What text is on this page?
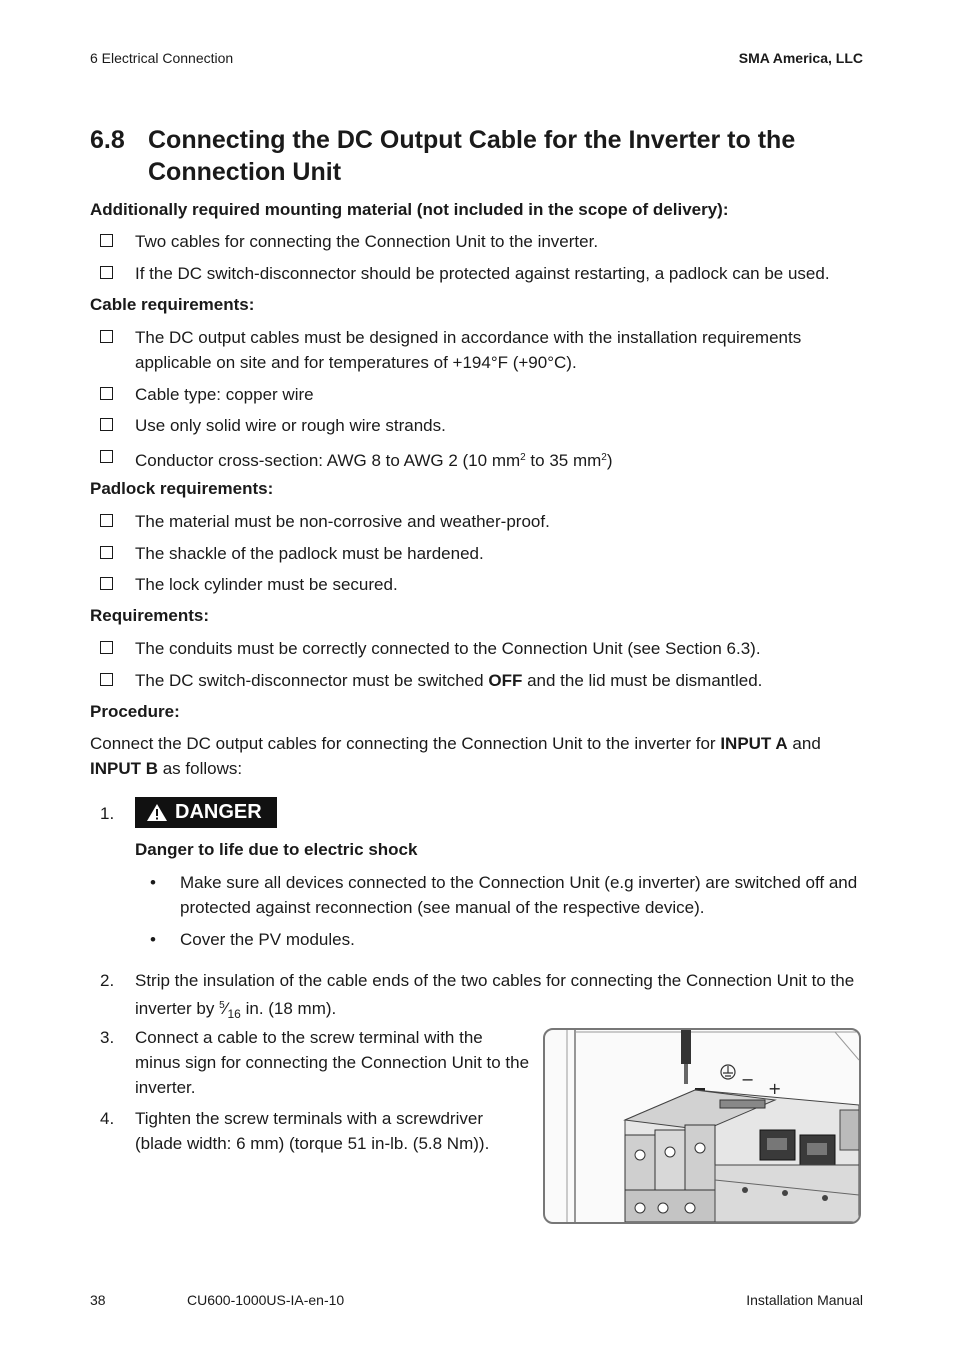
6 Electrical Connection	SMA America, LLC
6.8 Connecting the DC Output Cable for the Inverter to the Connection Unit
Additionally required mounting material (not included in the scope of delivery):
Two cables for connecting the Connection Unit to the inverter.
If the DC switch-disconnector should be protected against restarting, a padlock can be used.
Cable requirements:
The DC output cables must be designed in accordance with the installation requirements applicable on site and for temperatures of +194°F (+90°C).
Cable type: copper wire
Use only solid wire or rough wire strands.
Conductor cross-section: AWG 8 to AWG 2 (10 $mm^2$ to 35 $mm^2$)
Padlock requirements:
The material must be non-corrosive and weather-proof.
The shackle of the padlock must be hardened.
The lock cylinder must be secured.
Requirements:
The conduits must be correctly connected to the Connection Unit (see Section 6.3).
The DC switch-disconnector must be switched OFF and the lid must be dismantled.
Procedure:
Connect the DC output cables for connecting the Connection Unit to the inverter for INPUT A and
INPUT B as follows:
1.	DANGER
Danger to life due to electric shock
• Make sure all devices connected to the Connection Unit (e.g inverter) are switched off and protected against reconnection (see manual of the respective device).
• Cover the PV modules.
2. Strip the insulation of the cable ends of the two cables for connecting the Connection Unit to the inverter by $^5⁄_{16}$ in. (18 mm).
3. Connect a cable to the screw terminal with the minus sign for connecting the Connection Unit to the inverter.
4. Tighten the screw terminals with a screwdriver (blade width: 6 mm) (torque 51 in-lb. (5.8 Nm)).
− +
38	CU600-1000US-IA-en-10	Installation Manual
